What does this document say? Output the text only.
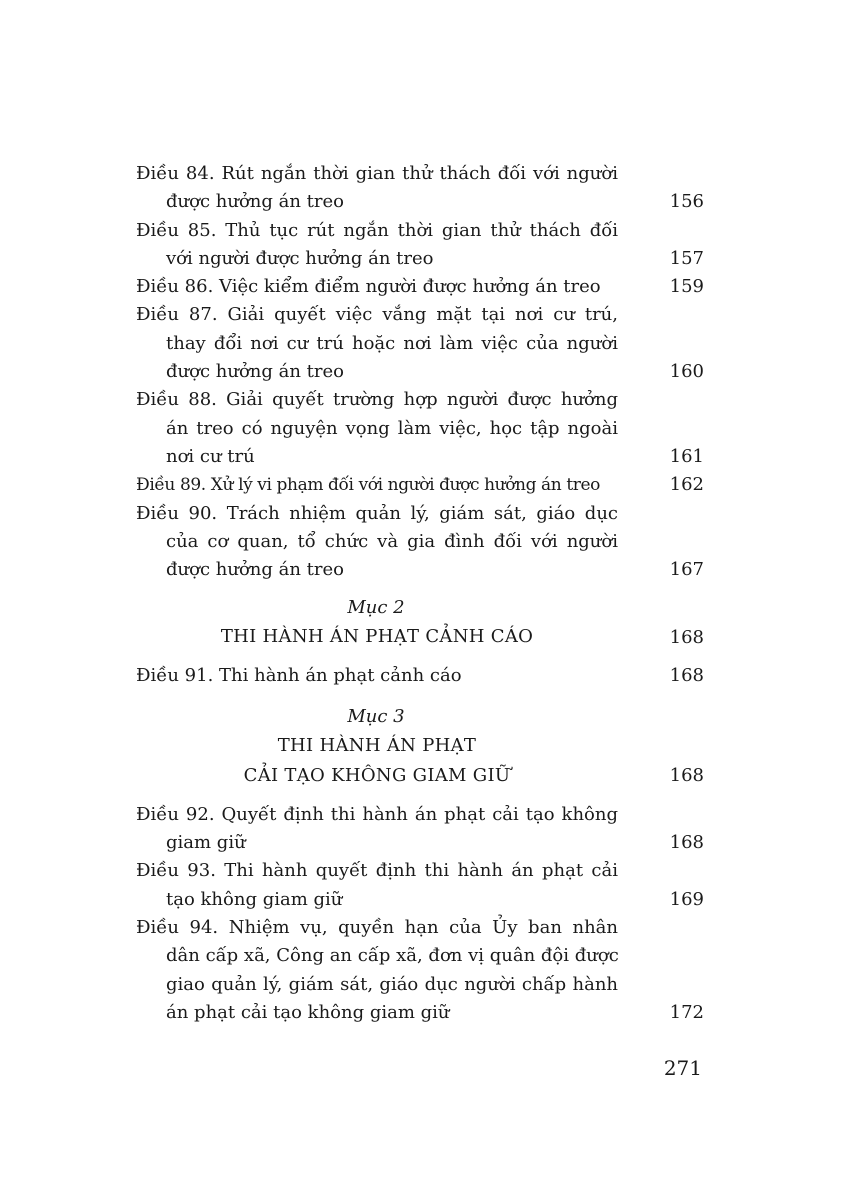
Điều 84. Rút ngắn thời gian thử thách đối với người
được hưởng án treo	156
Điều 85. Thủ tục rút ngắn thời gian thử thách đối
với người được hưởng án treo	157
Điều 86. Việc kiểm điểm người được hưởng án treo	159
Điều 87. Giải quyết việc vắng mặt tại nơi cư trú,
thay đổi nơi cư trú hoặc nơi làm việc của người
được hưởng án treo	160
Điều 88. Giải quyết trường hợp người được hưởng
án treo có nguyện vọng làm việc, học tập ngoài
nơi cư trú	161
Điều 89. Xử lý vi phạm đối với người được hưởng án treo	162
Điều 90. Trách nhiệm quản lý, giám sát, giáo dục
của cơ quan, tổ chức và gia đình đối với người
được hưởng án treo	167
Mục 2
THI HÀNH ÁN PHẠT CẢNH CÁO	168
Điều 91. Thi hành án phạt cảnh cáo	168
Mục 3
THI HÀNH ÁN PHẠT
CẢI TẠO KHÔNG GIAM GIỮ	168
Điều 92. Quyết định thi hành án phạt cải tạo không
giam giữ	168
Điều 93. Thi hành quyết định thi hành án phạt cải
tạo không giam giữ	169
Điều 94. Nhiệm vụ, quyền hạn của Ủy ban nhân
dân cấp xã, Công an cấp xã, đơn vị quân đội được
giao quản lý, giám sát, giáo dục người chấp hành
án phạt cải tạo không giam giữ	172
271
